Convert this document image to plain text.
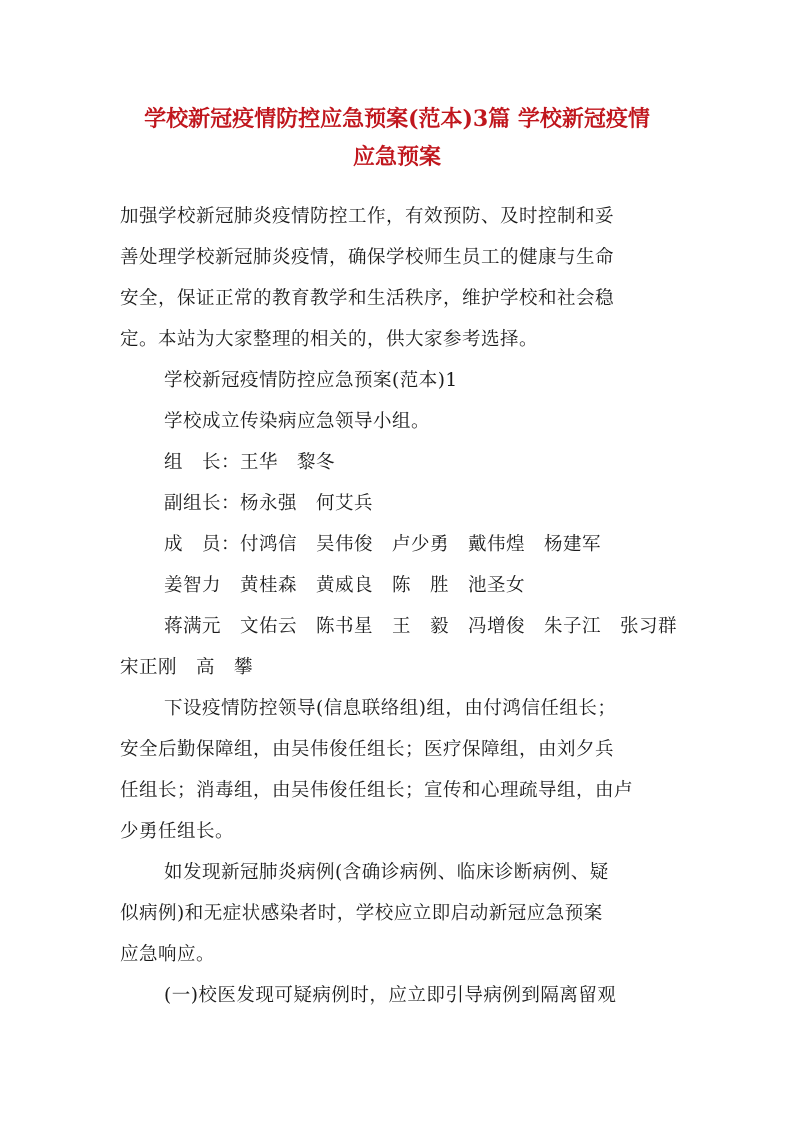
学校新冠疫情防控应急预案(范本)3篇 学校新冠疫情
应急预案
加强学校新冠肺炎疫情防控工作，有效预防、及时控制和妥
善处理学校新冠肺炎疫情，确保学校师生员工的健康与生命
安全，保证正常的教育教学和生活秩序，维护学校和社会稳
定。本站为大家整理的相关的，供大家参考选择。
学校新冠疫情防控应急预案(范本)1
学校成立传染病应急领导小组。
组　长：王华　黎冬
副组长：杨永强　何艾兵
成　员：付鸿信　吴伟俊　卢少勇　戴伟煌　杨建军
姜智力　黄桂森　黄威良　陈　胜　池圣女
蒋满元　文佑云　陈书星　王　毅　冯增俊　朱子江　张习群
宋正刚　高　攀
下设疫情防控领导(信息联络组)组，由付鸿信任组长；
安全后勤保障组，由吴伟俊任组长；医疗保障组，由刘夕兵
任组长；消毒组，由吴伟俊任组长；宣传和心理疏导组，由卢
少勇任组长。
如发现新冠肺炎病例(含确诊病例、临床诊断病例、疑
似病例)和无症状感染者时，学校应立即启动新冠应急预案
应急响应。
(一)校医发现可疑病例时，应立即引导病例到隔离留观
